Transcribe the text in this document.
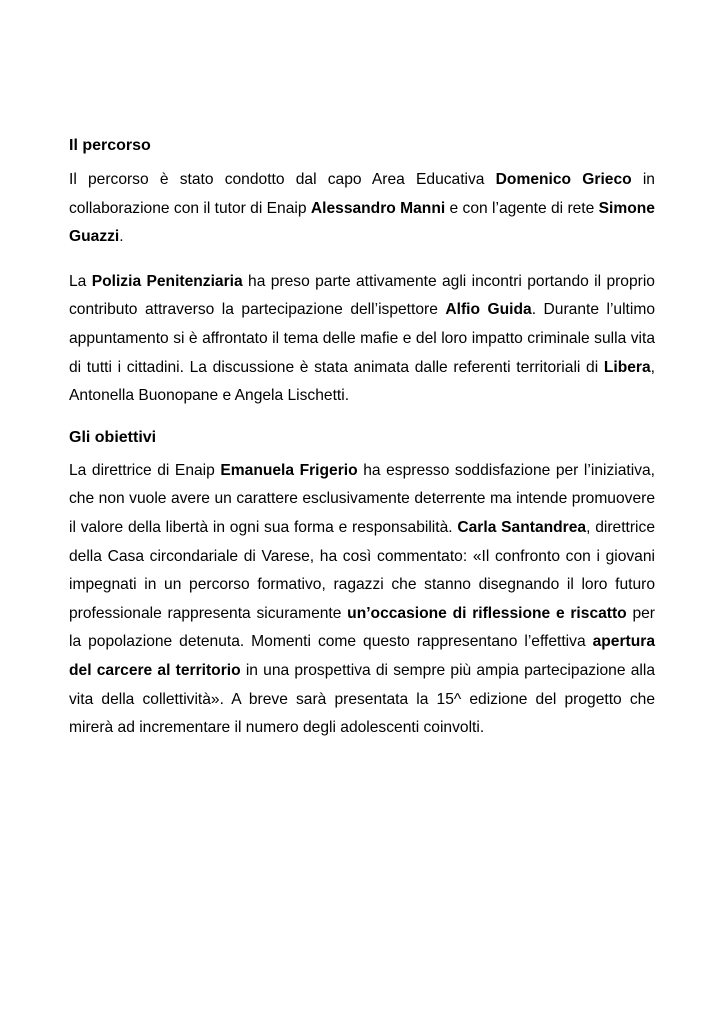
Il percorso

Il percorso è stato condotto dal capo Area Educativa Domenico Grieco in collaborazione con il tutor di Enaip Alessandro Manni e con l’agente di rete Simone Guazzi.

La Polizia Penitenziaria ha preso parte attivamente agli incontri portando il proprio contributo attraverso la partecipazione dell’ispettore Alfio Guida. Durante l’ultimo appuntamento si è affrontato il tema delle mafie e del loro impatto criminale sulla vita di tutti i cittadini. La discussione è stata animata dalle referenti territoriali di Libera, Antonella Buonopane e Angela Lischetti.

Gli obiettivi

La direttrice di Enaip Emanuela Frigerio ha espresso soddisfazione per l’iniziativa, che non vuole avere un carattere esclusivamente deterrente ma intende promuovere il valore della libertà in ogni sua forma e responsabilità. Carla Santandrea, direttrice della Casa circondariale di Varese, ha così commentato: «Il confronto con i giovani impegnati in un percorso formativo, ragazzi che stanno disegnando il loro futuro professionale rappresenta sicuramente un’occasione di riflessione e riscatto per la popolazione detenuta. Momenti come questo rappresentano l’effettiva apertura del carcere al territorio in una prospettiva di sempre più ampia partecipazione alla vita della collettività». A breve sarà presentata la 15^ edizione del progetto che mirerà ad incrementare il numero degli adolescenti coinvolti.
